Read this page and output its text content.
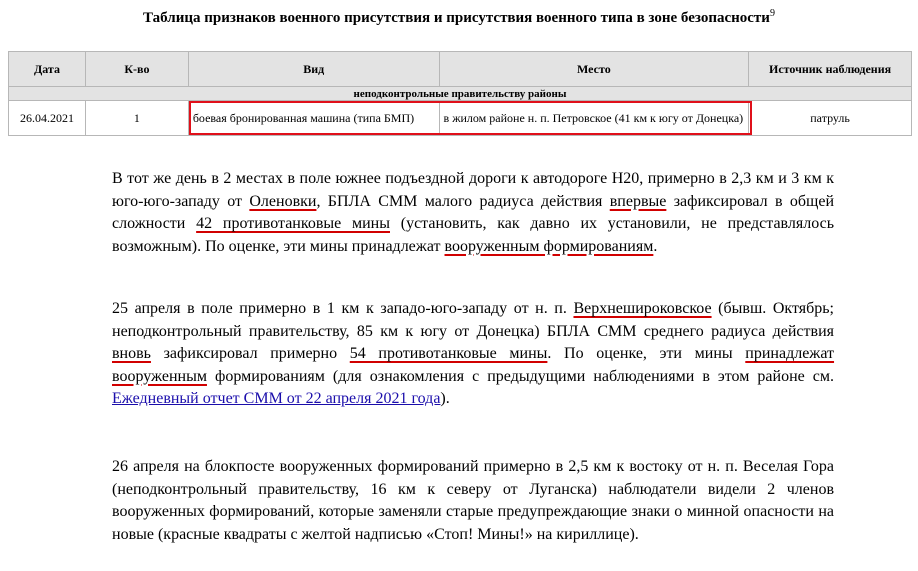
Таблица признаков военного присутствия и присутствия военного типа в зоне безопасности$^9$
Дата	К-во	Вид	Место	Источник наблюдения
неподконтрольные правительству районы				
26.04.2021	1	боевая бронированная машина (типа БМП)	в жилом районе н. п. Петровское (41 км к югу от Донецка)	патруль
В тот же день в 2 местах в поле южнее подъездной дороги к автодороге Н20, примерно в 2,3 км и 3 км к юго-юго-западу от Оленовки, БПЛА СММ малого радиуса действия впервые зафиксировал в общей сложности 42 противотанковые мины (установить, как давно их установили, не представлялось возможным). По оценке, эти мины принадлежат вооруженным формированиям.
25 апреля в поле примерно в 1 км к западо-юго-западу от н. п. Верхнешироковское (бывш. Октябрь; неподконтрольный правительству, 85 км к югу от Донецка) БПЛА СММ среднего радиуса действия вновь зафиксировал примерно 54 противотанковые мины. По оценке, эти мины принадлежат вооруженным формированиям (для ознакомления с предыдущими наблюдениями в этом районе см. Ежедневный отчет СММ от 22 апреля 2021 года).
26 апреля на блокпосте вооруженных формирований примерно в 2,5 км к востоку от н. п. Веселая Гора (неподконтрольный правительству, 16 км к северу от Луганска) наблюдатели видели 2 членов вооруженных формирований, которые заменяли старые предупреждающие знаки о минной опасности на новые (красные квадраты с желтой надписью «Стоп! Мины!» на кириллице).
